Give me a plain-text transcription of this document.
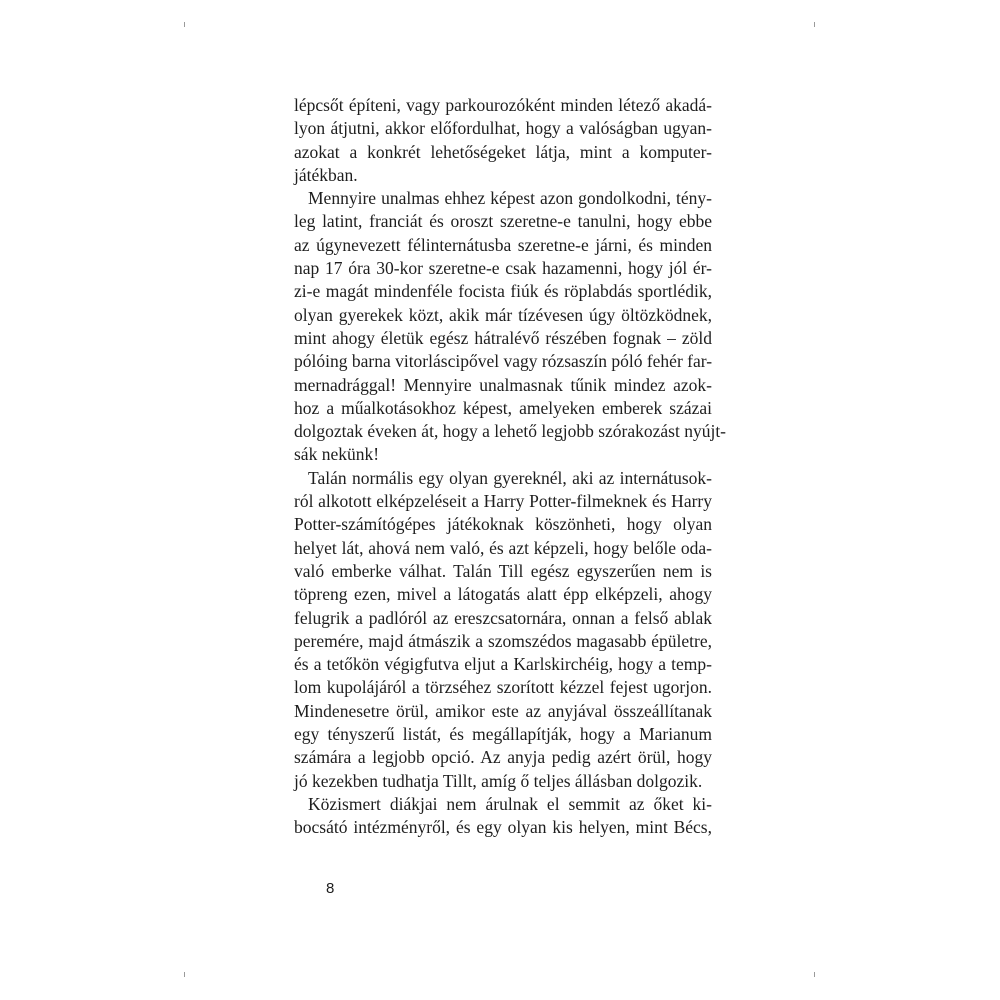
lépcsőt építeni, vagy parkourozóként minden létező akadá-
lyon átjutni, akkor előfordulhat, hogy a valóságban ugyan-
azokat a konkrét lehetőségeket látja, mint a komputer-
játékban.
Mennyire unalmas ehhez képest azon gondolkodni, tény-
leg latint, franciát és oroszt szeretne-e tanulni, hogy ebbe
az úgynevezett félinternátusba szeretne-e járni, és minden
nap 17 óra 30-kor szeretne-e csak hazamenni, hogy jól ér-
zi-e magát mindenféle focista fiúk és röplabdás sportlédik,
olyan gyerekek közt, akik már tízévesen úgy öltözködnek,
mint ahogy életük egész hátralévő részében fognak – zöld
pólóing barna vitorláscipővel vagy rózsaszín póló fehér far-
mernadrággal! Mennyire unalmasnak tűnik mindez azok-
hoz a műalkotásokhoz képest, amelyeken emberek százai
dolgoztak éveken át, hogy a lehető legjobb szórakozást nyújt-
sák nekünk!
Talán normális egy olyan gyereknél, aki az internátusok-
ról alkotott elképzeléseit a Harry Potter-filmeknek és Harry
Potter-számítógépes játékoknak köszönheti, hogy olyan
helyet lát, ahová nem való, és azt képzeli, hogy belőle oda-
való emberke válhat. Talán Till egész egyszerűen nem is
töpreng ezen, mivel a látogatás alatt épp elképzeli, ahogy
felugrik a padlóról az ereszcsatornára, onnan a felső ablak
peremére, majd átmászik a szomszédos magasabb épületre,
és a tetőkön végigfutva eljut a Karlskirchéig, hogy a temp-
lom kupolájáról a törzséhez szorított kézzel fejest ugorjon.
Mindenesetre örül, amikor este az anyjával összeállítanak
egy tényszerű listát, és megállapítják, hogy a Marianum
számára a legjobb opció. Az anyja pedig azért örül, hogy
jó kezekben tudhatja Tillt, amíg ő teljes állásban dolgozik.
Közismert diákjai nem árulnak el semmit az őket ki-
bocsátó intézményről, és egy olyan kis helyen, mint Bécs,
8
